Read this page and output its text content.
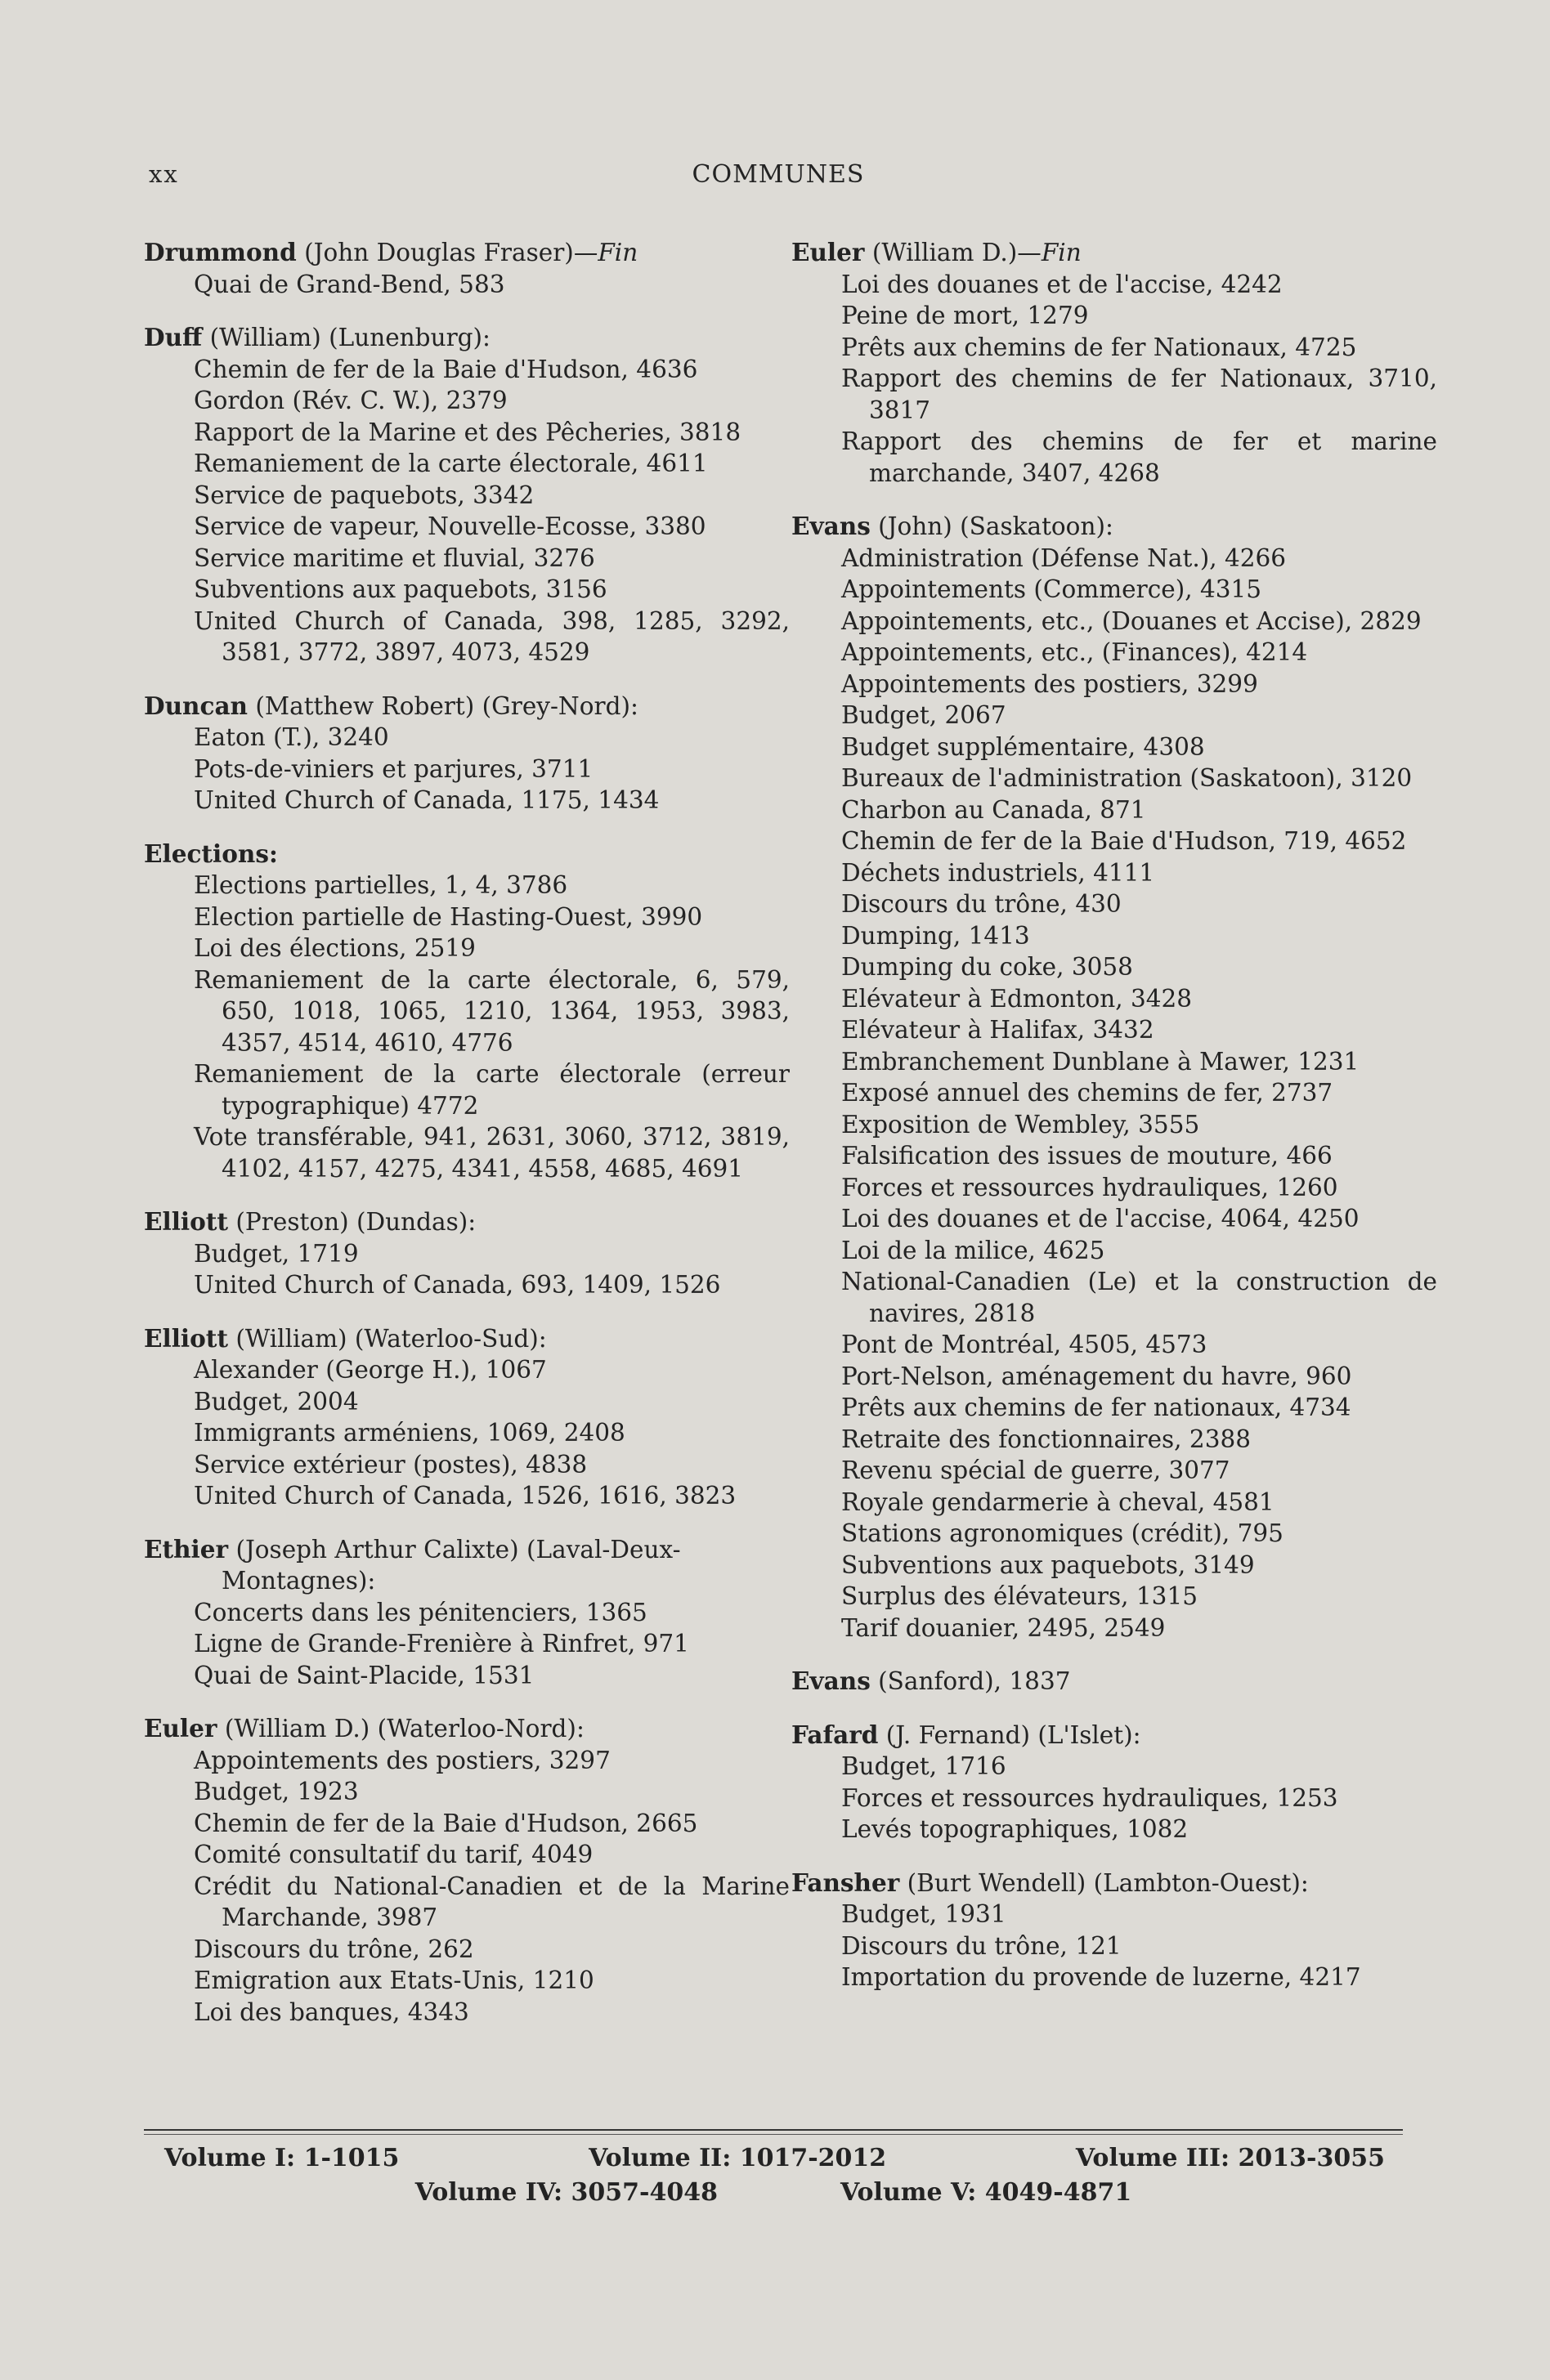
xx	COMMUNES
Drummond (John Douglas Fraser)—Fin
Quai de Grand-Bend, 583
Duff (William) (Lunenburg):
Chemin de fer de la Baie d'Hudson, 4636
Gordon (Rév. C. W.), 2379
Rapport de la Marine et des Pêcheries, 3818
Remaniement de la carte électorale, 4611
Service de paquebots, 3342
Service de vapeur, Nouvelle-Ecosse, 3380
Service maritime et fluvial, 3276
Subventions aux paquebots, 3156
United Church of Canada, 398, 1285, 3292, 3581, 3772, 3897, 4073, 4529
Duncan (Matthew Robert) (Grey-Nord):
Eaton (T.), 3240
Pots-de-viniers et parjures, 3711
United Church of Canada, 1175, 1434
Elections:
Elections partielles, 1, 4, 3786
Election partielle de Hasting-Ouest, 3990
Loi des élections, 2519
Remaniement de la carte électorale, 6, 579, 650, 1018, 1065, 1210, 1364, 1953, 3983, 4357, 4514, 4610, 4776
Remaniement de la carte électorale (erreur typographique) 4772
Vote transférable, 941, 2631, 3060, 3712, 3819, 4102, 4157, 4275, 4341, 4558, 4685, 4691
Elliott (Preston) (Dundas):
Budget, 1719
United Church of Canada, 693, 1409, 1526
Elliott (William) (Waterloo-Sud):
Alexander (George H.), 1067
Budget, 2004
Immigrants arméniens, 1069, 2408
Service extérieur (postes), 4838
United Church of Canada, 1526, 1616, 3823
Ethier (Joseph Arthur Calixte) (Laval-Deux-Montagnes):
Concerts dans les pénitenciers, 1365
Ligne de Grande-Frenière à Rinfret, 971
Quai de Saint-Placide, 1531
Euler (William D.) (Waterloo-Nord):
Appointements des postiers, 3297
Budget, 1923
Chemin de fer de la Baie d'Hudson, 2665
Comité consultatif du tarif, 4049
Crédit du National-Canadien et de la Marine Marchande, 3987
Discours du trône, 262
Emigration aux Etats-Unis, 1210
Loi des banques, 4343
Euler (William D.)—Fin
Loi des douanes et de l'accise, 4242
Peine de mort, 1279
Prêts aux chemins de fer Nationaux, 4725
Rapport des chemins de fer Nationaux, 3710, 3817
Rapport des chemins de fer et marine marchande, 3407, 4268
Evans (John) (Saskatoon):
Administration (Défense Nat.), 4266
Appointements (Commerce), 4315
Appointements, etc., (Douanes et Accise), 2829
Appointements, etc., (Finances), 4214
Appointements des postiers, 3299
Budget, 2067
Budget supplémentaire, 4308
Bureaux de l'administration (Saskatoon), 3120
Charbon au Canada, 871
Chemin de fer de la Baie d'Hudson, 719, 4652
Déchets industriels, 4111
Discours du trône, 430
Dumping, 1413
Dumping du coke, 3058
Elévateur à Edmonton, 3428
Elévateur à Halifax, 3432
Embranchement Dunblane à Mawer, 1231
Exposé annuel des chemins de fer, 2737
Exposition de Wembley, 3555
Falsification des issues de mouture, 466
Forces et ressources hydrauliques, 1260
Loi des douanes et de l'accise, 4064, 4250
Loi de la milice, 4625
National-Canadien (Le) et la construction de navires, 2818
Pont de Montréal, 4505, 4573
Port-Nelson, aménagement du havre, 960
Prêts aux chemins de fer nationaux, 4734
Retraite des fonctionnaires, 2388
Revenu spécial de guerre, 3077
Royale gendarmerie à cheval, 4581
Stations agronomiques (crédit), 795
Subventions aux paquebots, 3149
Surplus des élévateurs, 1315
Tarif douanier, 2495, 2549
Evans (Sanford), 1837
Fafard (J. Fernand) (L'Islet):
Budget, 1716
Forces et ressources hydrauliques, 1253
Levés topographiques, 1082
Fansher (Burt Wendell) (Lambton-Ouest):
Budget, 1931
Discours du trône, 121
Importation du provende de luzerne, 4217
Volume I: 1-1015	Volume II: 1017-2012	Volume III: 2013-3055
Volume IV: 3057-4048	Volume V: 4049-4871
